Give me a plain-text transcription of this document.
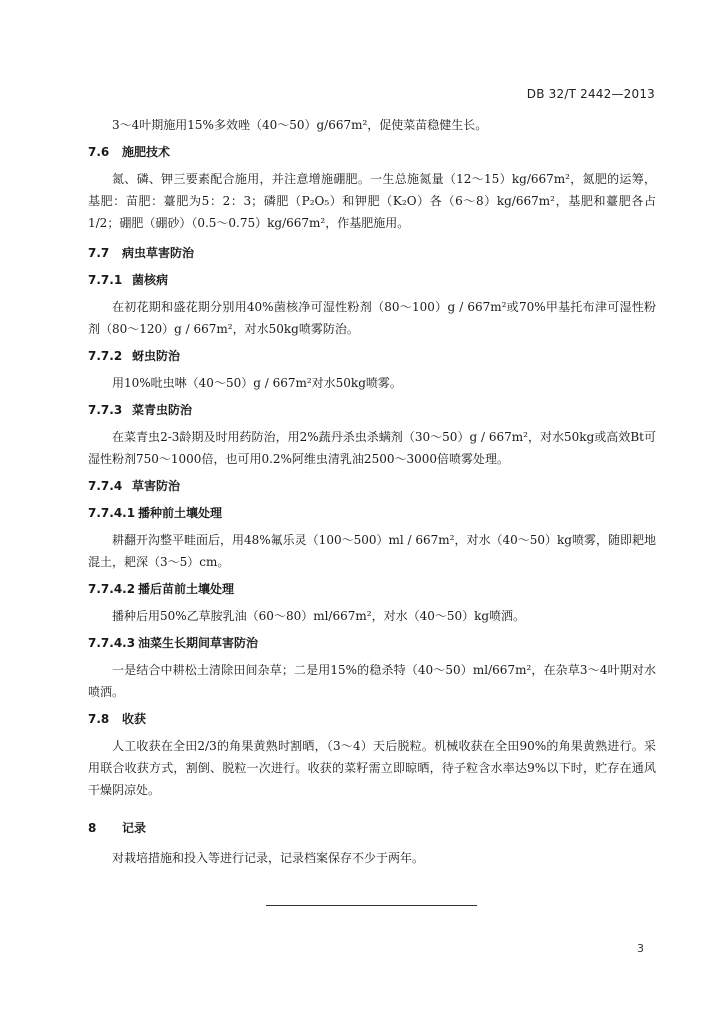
DB 32/T 2442—2013

3～4叶期施用15%多效唑（40～50）g/667m²，促使菜苗稳健生长。

7.6 施肥技术

氮、磷、钾三要素配合施用，并注意增施硼肥。一生总施氮量（12～15）kg/667m²，氮肥的运筹，基肥：苗肥：薹肥为5：2：3；磷肥（P₂O₅）和钾肥（K₂O）各（6～8）kg/667m²，基肥和薹肥各占1/2；硼肥（硼砂）（0.5～0.75）kg/667m²，作基肥施用。

7.7 病虫草害防治
7.7.1 菌核病

在初花期和盛花期分别用40%菌核净可湿性粉剂（80～100）g / 667m²或70%甲基托布津可湿性粉剂（80～120）g / 667m²，对水50kg喷雾防治。

7.7.2 蚜虫防治

用10%吡虫啉（40～50）g / 667m²对水50kg喷雾。

7.7.3 菜青虫防治

在菜青虫2-3龄期及时用药防治，用2%蔬丹杀虫杀螨剂（30～50）g / 667m²，对水50kg或高效Bt可湿性粉剂750～1000倍，也可用0.2%阿维虫清乳油2500～3000倍喷雾处理。

7.7.4 草害防治
7.7.4.1 播种前土壤处理

耕翻开沟整平畦面后，用48%氟乐灵（100～500）ml / 667m²，对水（40～50）kg喷雾，随即耙地混土，耙深（3～5）cm。

7.7.4.2 播后苗前土壤处理

播种后用50%乙草胺乳油（60～80）ml/667m²，对水（40～50）kg喷洒。

7.7.4.3 油菜生长期间草害防治

一是结合中耕松土清除田间杂草；二是用15%的稳杀特（40～50）ml/667m²，在杂草3～4叶期对水喷洒。

7.8 收获

人工收获在全田2/3的角果黄熟时割晒，（3～4）天后脱粒。机械收获在全田90%的角果黄熟进行。采用联合收获方式，割倒、脱粒一次进行。收获的菜籽需立即晾晒，待子粒含水率达9%以下时，贮存在通风干燥阴凉处。

8 记录

对栽培措施和投入等进行记录，记录档案保存不少于两年。

3
